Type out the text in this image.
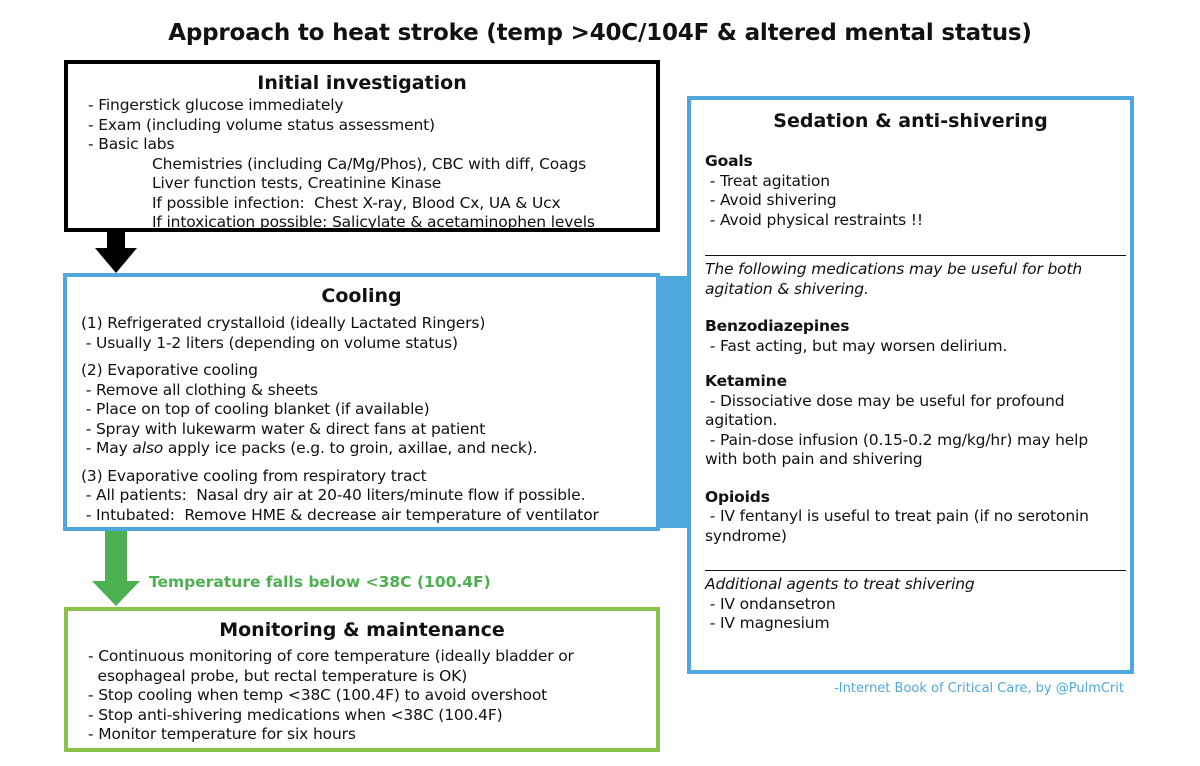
Approach to heat stroke (temp >40C/104F & altered mental status)
Initial investigation
- Fingerstick glucose immediately
- Exam (including volume status assessment)
- Basic labs
Chemistries (including Ca/Mg/Phos), CBC with diff, Coags
Liver function tests, Creatinine Kinase
If possible infection:  Chest X-ray, Blood Cx, UA & Ucx
If intoxication possible: Salicylate & acetaminophen levels
Cooling
(1) Refrigerated crystalloid (ideally Lactated Ringers)
- Usually 1-2 liters (depending on volume status)
(2) Evaporative cooling
- Remove all clothing & sheets
- Place on top of cooling blanket (if available)
- Spray with lukewarm water & direct fans at patient
- May also apply ice packs (e.g. to groin, axillae, and neck).
(3) Evaporative cooling from respiratory tract
- All patients:  Nasal dry air at 20-40 liters/minute flow if possible.
- Intubated:  Remove HME & decrease air temperature of ventilator
Temperature falls below <38C (100.4F)
Monitoring & maintenance
- Continuous monitoring of core temperature (ideally bladder or
esophageal probe, but rectal temperature is OK)
- Stop cooling when temp <38C (100.4F) to avoid overshoot
- Stop anti-shivering medications when <38C (100.4F)
- Monitor temperature for six hours
Sedation & anti-shivering
Goals
- Treat agitation
- Avoid shivering
- Avoid physical restraints !!
The following medications may be useful for both
agitation & shivering.
Benzodiazepines
- Fast acting, but may worsen delirium.
Ketamine
- Dissociative dose may be useful for profound
agitation.
- Pain-dose infusion (0.15-0.2 mg/kg/hr) may help
with both pain and shivering
Opioids
- IV fentanyl is useful to treat pain (if no serotonin
syndrome)
Additional agents to treat shivering
- IV ondansetron
- IV magnesium
-Internet Book of Critical Care, by @PulmCrit
